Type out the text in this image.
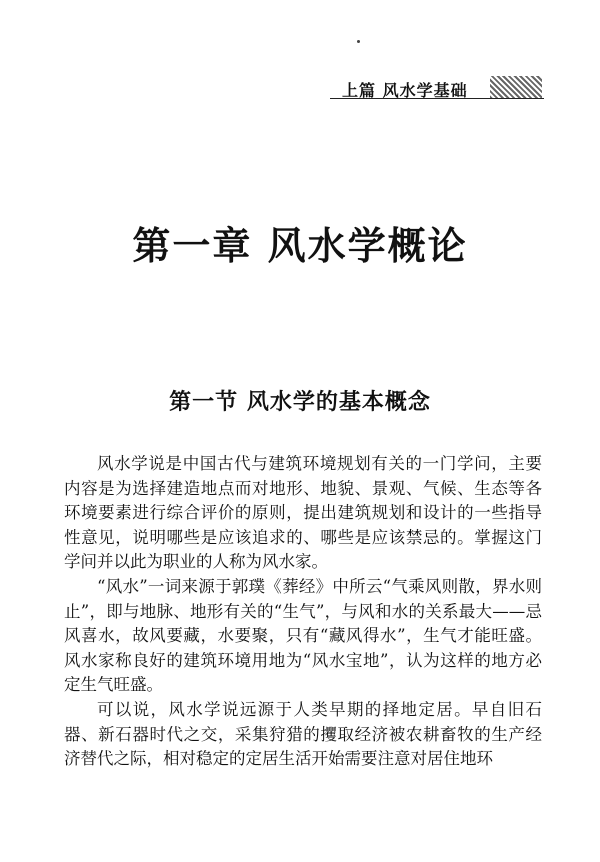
上篇 风水学基础
第一章 风水学概论
第一节 风水学的基本概念

风水学说是中国古代与建筑环境规划有关的一门学问，主要内容是为选择建造地点而对地形、地貌、景观、气候、生态等各环境要素进行综合评价的原则，提出建筑规划和设计的一些指导性意见，说明哪些是应该追求的、哪些是应该禁忌的。掌握这门学问并以此为职业的人称为风水家。

“风水”一词来源于郭璞《葬经》中所云“气乘风则散，界水则止”，即与地脉、地形有关的“生气”，与风和水的关系最大——忌风喜水，故风要藏，水要聚，只有“藏风得水”，生气才能旺盛。风水家称良好的建筑环境用地为“风水宝地”，认为这样的地方必定生气旺盛。

可以说，风水学说远源于人类早期的择地定居。早自旧石器、新石器时代之交，采集狩猎的攫取经济被农耕畜牧的生产经济替代之际，相对稳定的定居生活开始需要注意对居住地环
